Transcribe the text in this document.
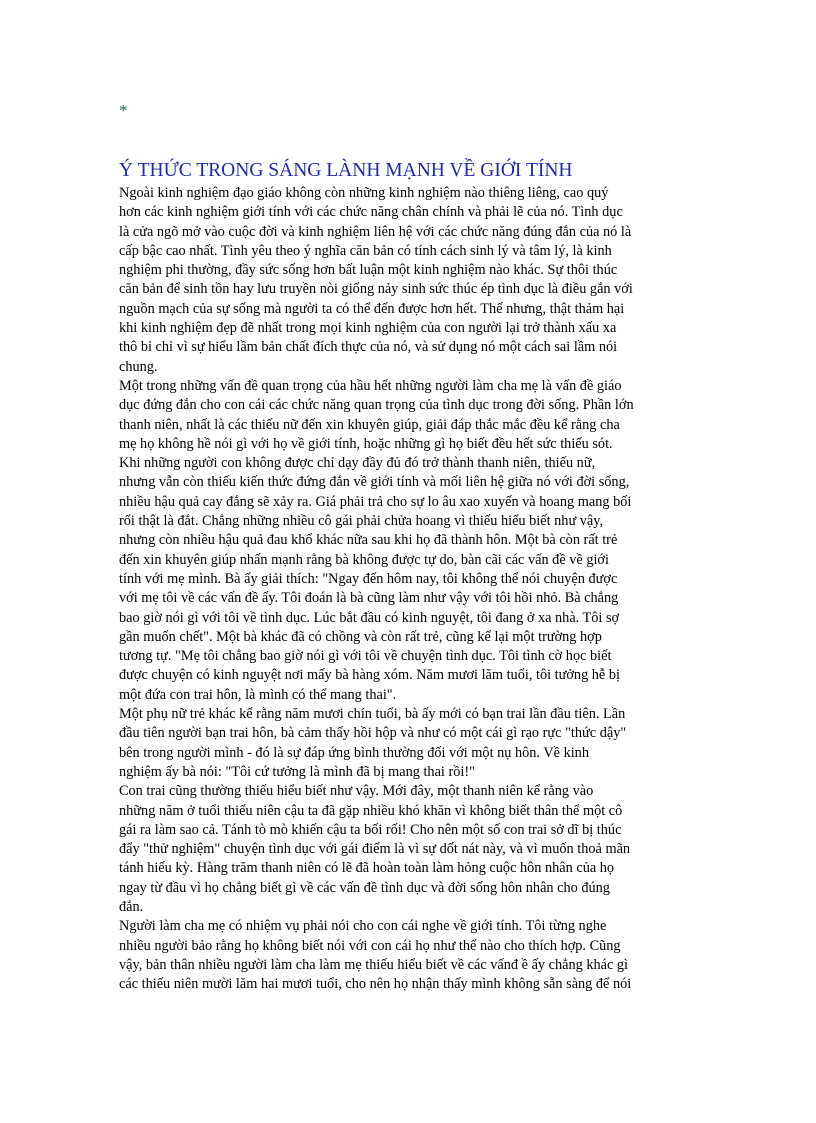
*
Ý THỨC TRONG SÁNG LÀNH MẠNH VỀ GIỚI TÍNH
Ngoài kinh nghiệm đạo giáo không còn những kinh nghiệm nào thiêng liêng, cao quý
hơn các kinh nghiệm giới tính với các chức năng chân chính và phải lẽ của nó. Tình dục
là cửa ngõ mở vào cuộc đời và kinh nghiệm liên hệ với các chức năng đúng đắn của nó là
cấp bậc cao nhất. Tình yêu theo ý nghĩa căn bản có tính cách sinh lý và tâm lý, là kinh
nghiệm phi thường, đầy sức sống hơn bất luận một kinh nghiệm nào khác. Sự thôi thúc
căn bản để sinh tồn hay lưu truyền nòi giống nảy sinh sức thúc ép tình dục là điều gắn với
nguồn mạch của sự sống mà người ta có thể đến được hơn hết. Thế nhưng, thật thảm hại
khi kinh nghiệm đẹp đẽ nhất trong mọi kinh nghiệm của con người lại trở thành xấu xa
thô bỉ chỉ vì sự hiểu lầm bản chất đích thực của nó, và sử dụng nó một cách sai lầm nói
chung.
Một trong những vấn đề quan trọng của hầu hết những người làm cha mẹ là vấn đề giáo
dục đứng đắn cho con cái các chức năng quan trọng của tình dục trong đời sống. Phần lớn
thanh niên, nhất là các thiếu nữ đến xin khuyên giúp, giải đáp thắc mắc đều kể rằng cha
mẹ họ không hề nói gì với họ về giới tính, hoặc những gì họ biết đều hết sức thiếu sót.
Khi những người con không được chỉ dạy đầy đủ đó trở thành thanh niên, thiếu nữ,
nhưng vẫn còn thiếu kiến thức đứng đắn về giới tính và mối liên hệ giữa nó với đời sống,
nhiều hậu quả cay đắng sẽ xảy ra. Giá phải trả cho sự lo âu xao xuyến và hoang mang bối
rối thật là đắt. Chẳng những nhiều cô gái phải chửa hoang vì thiếu hiểu biết như vậy,
nhưng còn nhiều hậu quả đau khổ khác nữa sau khi họ đã thành hôn. Một bà còn rất trẻ
đến xin khuyên giúp nhấn mạnh rằng bà không được tự do, bàn cãi các vấn đề về giới
tính với mẹ mình. Bà ấy giải thích: "Ngay đến hôm nay, tôi không thể nói chuyện được
với mẹ tôi về các vấn đề ấy. Tôi đoán là bà cũng làm như vậy với tôi hồi nhỏ. Bà chẳng
bao giờ nói gì với tôi về tình dục. Lúc bắt đầu có kinh nguyệt, tôi đang ở xa nhà. Tôi sợ
gần muốn chết". Một bà khác đã có chồng và còn rất trẻ, cũng kể lại một trường hợp
tương tự. "Mẹ tôi chẳng bao giờ nói gì với tôi về chuyện tình dục. Tôi tình cờ học biết
được chuyện có kinh nguyệt nơi mấy bà hàng xóm. Năm mươi lăm tuổi, tôi tưởng hễ bị
một đứa con trai hôn, là mình có thể mang thai".
Một phụ nữ trẻ khác kể rằng năm mươi chín tuổi, bà ấy mới có bạn trai lần đầu tiên. Lần
đầu tiên người bạn trai hôn, bà cảm thấy hồi hộp và như có một cái gì rạo rực "thức dậy"
bên trong người mình - đó là sự đáp ứng bình thường đối với một nụ hôn. Về kinh
nghiệm ấy bà nói: "Tôi cứ tưởng là mình đã bị mang thai rồi!"
Con trai cũng thường thiếu hiểu biết như vậy. Mới đây, một thanh niên kể rằng vào
những năm ở tuổi thiếu niên cậu ta đã gặp nhiều khó khăn vì không biết thân thể một cô
gái ra làm sao cả. Tánh tò mò khiến cậu ta bối rối! Cho nên một số con trai sở dĩ bị thúc
đẩy "thử nghiệm" chuyện tình dục với gái điếm là vì sự dốt nát này, và vì muốn thoả mãn
tánh hiếu kỳ. Hàng trăm thanh niên có lẽ đã hoàn toàn làm hỏng cuộc hôn nhân của họ
ngay từ đầu vì họ chẳng biết gì về các vấn đề tình dục và đời sống hôn nhân cho đúng
đắn.
Người làm cha mẹ có nhiệm vụ phải nói cho con cái nghe về giới tính. Tôi từng nghe
nhiều người bảo rằng họ không biết nói với con cái họ như thế nào cho thích hợp. Cũng
vậy, bản thân nhiều người làm cha làm mẹ thiếu hiểu biết về các vấnđ ề ấy chẳng khác gì
các thiếu niên mười lăm hai mươi tuổi, cho nên họ nhận thấy mình không sẵn sàng để nói
